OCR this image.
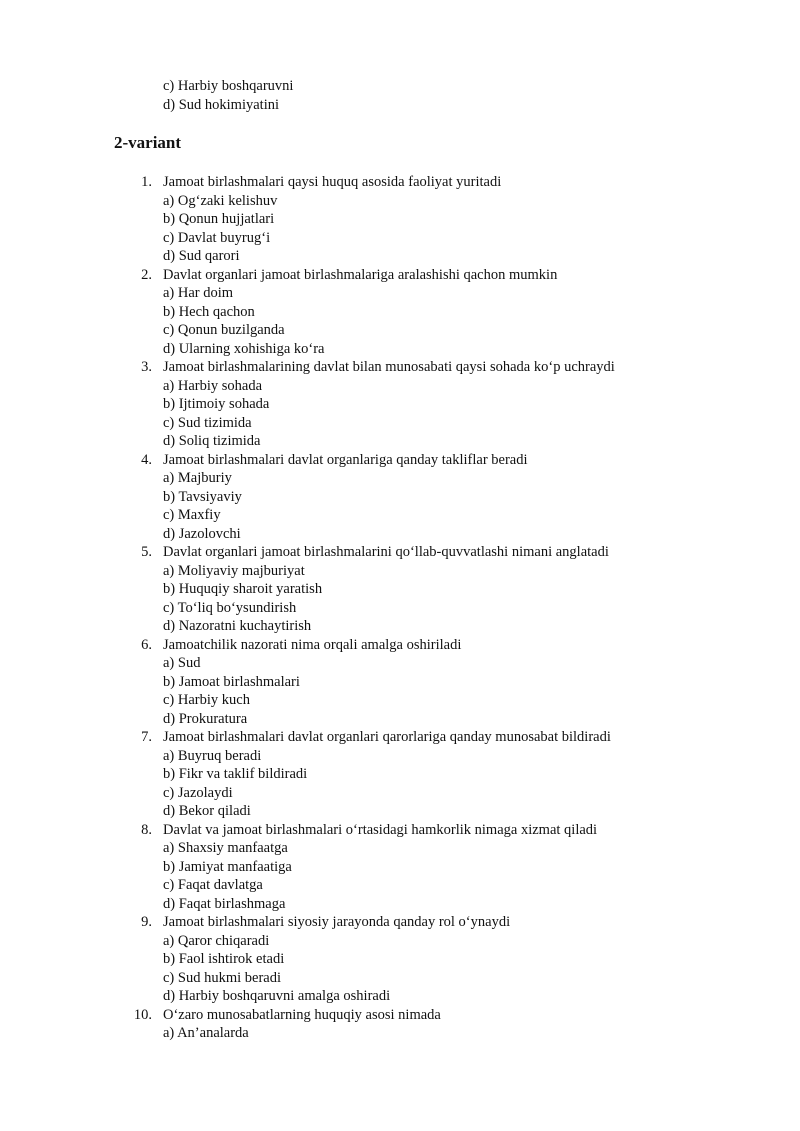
c) Harbiy boshqaruvni
d) Sud hokimiyatini
2-variant
1. Jamoat birlashmalari qaysi huquq asosida faoliyat yuritadi
a) Og‘zaki kelishuv
b) Qonun hujjatlari
c) Davlat buyrug‘i
d) Sud qarori
2. Davlat organlari jamoat birlashmalariga aralashishi qachon mumkin
a) Har doim
b) Hech qachon
c) Qonun buzilganda
d) Ularning xohishiga ko‘ra
3. Jamoat birlashmalarining davlat bilan munosabati qaysi sohada ko‘p uchraydi
a) Harbiy sohada
b) Ijtimoiy sohada
c) Sud tizimida
d) Soliq tizimida
4. Jamoat birlashmalari davlat organlariga qanday takliflar beradi
a) Majburiy
b) Tavsiyaviy
c) Maxfiy
d) Jazolovchi
5. Davlat organlari jamoat birlashmalarini qo‘llab-quvvatlashi nimani anglatadi
a) Moliyaviy majburiyat
b) Huquqiy sharoit yaratish
c) To‘liq bo‘ysundirish
d) Nazoratni kuchaytirish
6. Jamoatchilik nazorati nima orqali amalga oshiriladi
a) Sud
b) Jamoat birlashmalari
c) Harbiy kuch
d) Prokuratura
7. Jamoat birlashmalari davlat organlari qarorlariga qanday munosabat bildiradi
a) Buyruq beradi
b) Fikr va taklif bildiradi
c) Jazolaydi
d) Bekor qiladi
8. Davlat va jamoat birlashmalari o‘rtasidagi hamkorlik nimaga xizmat qiladi
a) Shaxsiy manfaatga
b) Jamiyat manfaatiga
c) Faqat davlatga
d) Faqat birlashmaga
9. Jamoat birlashmalari siyosiy jarayonda qanday rol o‘ynaydi
a) Qaror chiqaradi
b) Faol ishtirok etadi
c) Sud hukmi beradi
d) Harbiy boshqaruvni amalga oshiradi
10. O‘zaro munosabatlarning huquqiy asosi nimada
a) An’analarda
